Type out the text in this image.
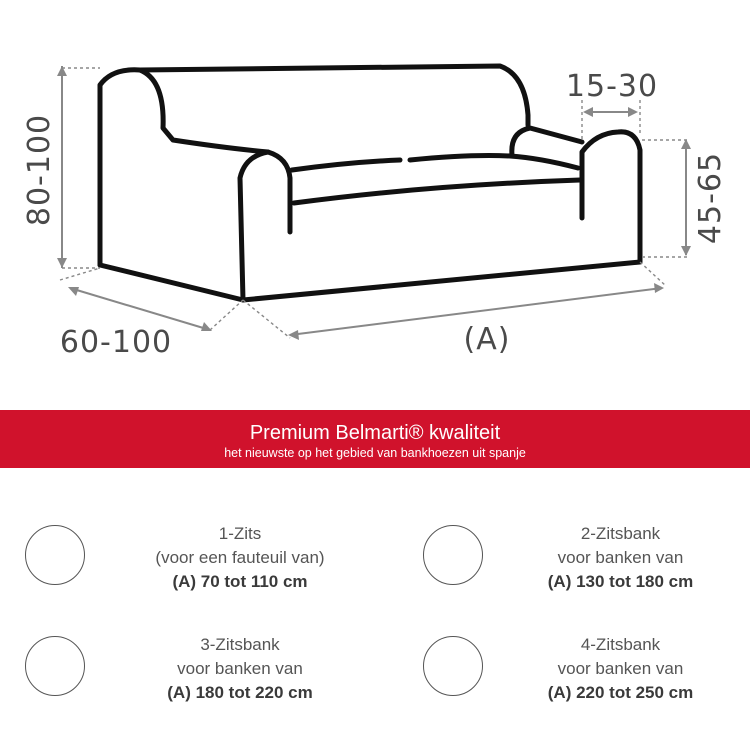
80-100
15-30
45-65
60-100	(A)
Premium Belmarti® kwaliteit
het nieuwste op het gebied van bankhoezen uit spanje
1-Zits
(voor een fauteuil van)
(A) 70 tot 110 cm
2-Zitsbank
voor banken van
(A) 130 tot 180 cm
3-Zitsbank
voor banken van
(A) 180 tot 220 cm
4-Zitsbank
voor banken van
(A) 220 tot 250 cm
